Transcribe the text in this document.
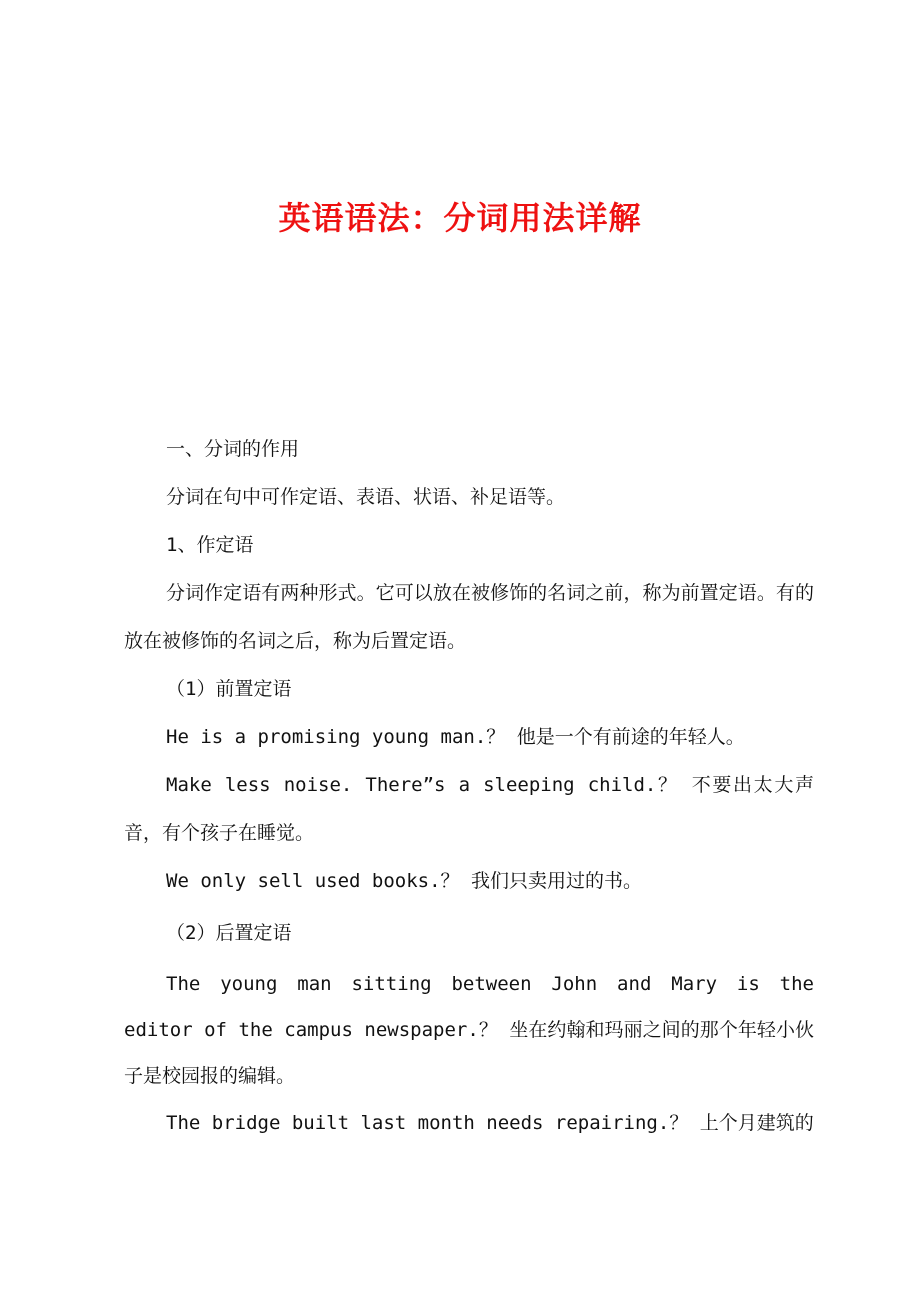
英语语法：分词用法详解

一、分词的作用

分词在句中可作定语、表语、状语、补足语等。

1、作定语

分词作定语有两种形式。它可以放在被修饰的名词之前，称为前置定语。有的放在被修饰的名词之后，称为后置定语。

（1）前置定语

He is a promising young man.？ 他是一个有前途的年轻人。

Make less noise. There”s a sleeping child.？ 不要出太大声音，有个孩子在睡觉。

We only sell used books.？ 我们只卖用过的书。

（2）后置定语

The young man sitting between John and Mary is the editor of the campus newspaper.？ 坐在约翰和玛丽之间的那个年轻小伙子是校园报的编辑。

The bridge built last month needs repairing.？ 上个月建筑的
